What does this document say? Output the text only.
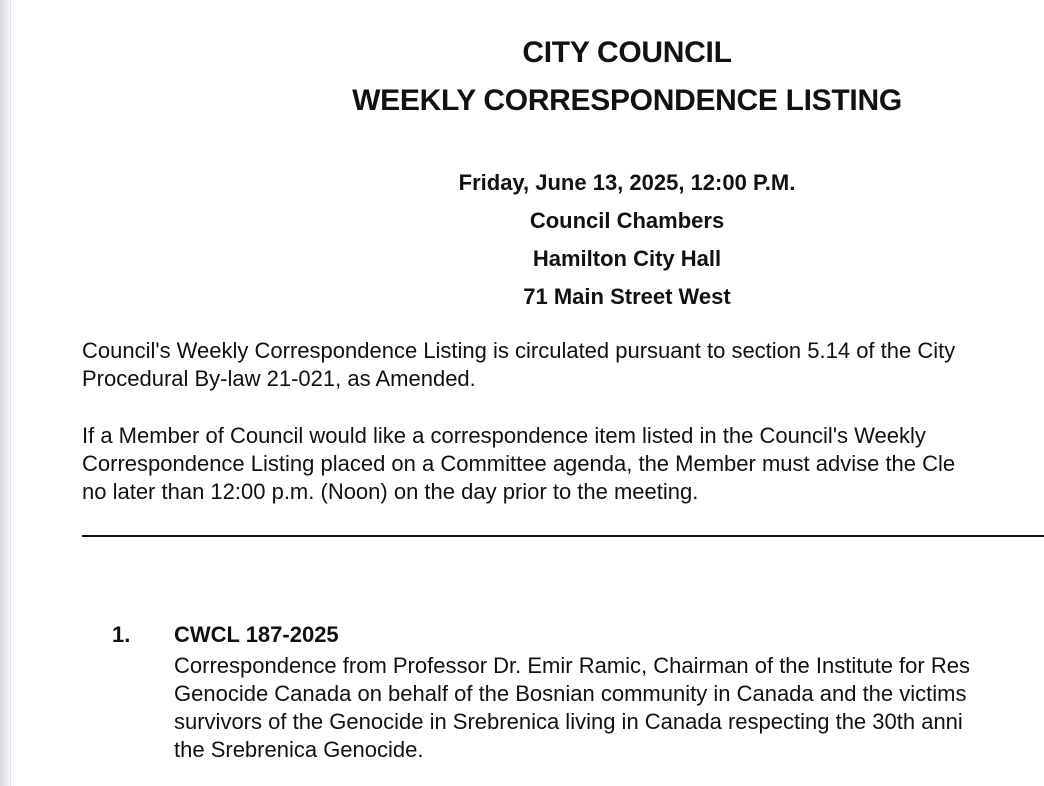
CITY COUNCIL
WEEKLY CORRESPONDENCE LISTING
Friday, June 13, 2025, 12:00 P.M.
Council Chambers
Hamilton City Hall
71 Main Street West
Council's Weekly Correspondence Listing is circulated pursuant to section 5.14 of the City
Procedural By-law 21-021, as Amended.
If a Member of Council would like a correspondence item listed in the Council's Weekly
Correspondence Listing placed on a Committee agenda, the Member must advise the Cle
no later than 12:00 p.m. (Noon) on the day prior to the meeting.
1. CWCL 187-2025
Correspondence from Professor Dr. Emir Ramic, Chairman of the Institute for Res
Genocide Canada on behalf of the Bosnian community in Canada and the victims
survivors of the Genocide in Srebrenica living in Canada respecting the 30th anni
the Srebrenica Genocide.
